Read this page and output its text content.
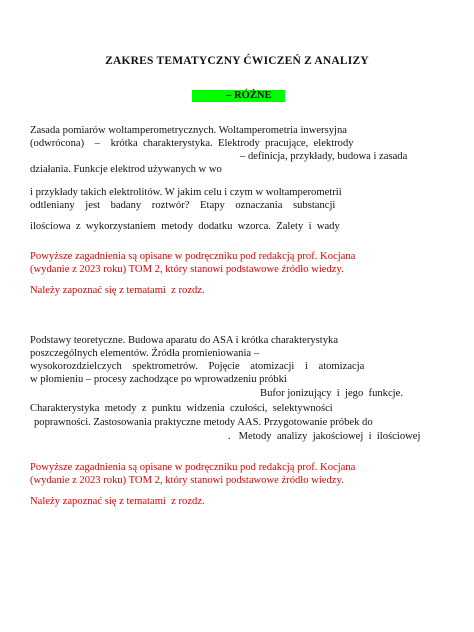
ZAKRES TEMATYCZNY ĆWICZEŃ Z ANALIZY
– RÓŻNE
Zasada pomiarów woltamperometrycznych. Woltamperometria inwersyjna
(odwrócona)    –    krótka  charakterystyka.  Elektrody  pracujące,  elektrody
– definicja, przykłady, budowa i zasada
działania. Funkcje elektrod używanych w wo
i przykłady takich elektrolitów. W jakim celu i czym w woltamperometrii
odtleniany    jest    badany    roztwór?    Etapy    oznaczania    substancji
ilościowa  z  wykorzystaniem  metody  dodatku  wzorca.  Zalety  i  wady
Powyższe zagadnienia są opisane w podręczniku pod redakcją prof. Kocjana
(wydanie z 2023 roku) TOM 2, który stanowi podstawowe źródło wiedzy.
Należy zapoznać się z tematami  z rozdz.
Podstawy teoretyczne. Budowa aparatu do ASA i krótka charakterystyka
poszczególnych elementów. Źródła promieniowania –
wysokorozdzielczych    spektrometrów.    Pojęcie    atomizacji    i    atomizacja
w płomieniu – procesy zachodzące po wprowadzeniu próbki
Bufor jonizujący  i  jego  funkcje.
Charakterystyka  metody  z  punktu  widzenia  czułości,  selektywności
poprawności. Zastosowania praktyczne metody AAS. Przygotowanie próbek do
.   Metody  analizy  jakościowej  i  ilościowej
Powyższe zagadnienia są opisane w podręczniku pod redakcją prof. Kocjana
(wydanie z 2023 roku) TOM 2, który stanowi podstawowe źródło wiedzy.
Należy zapoznać się z tematami  z rozdz.
